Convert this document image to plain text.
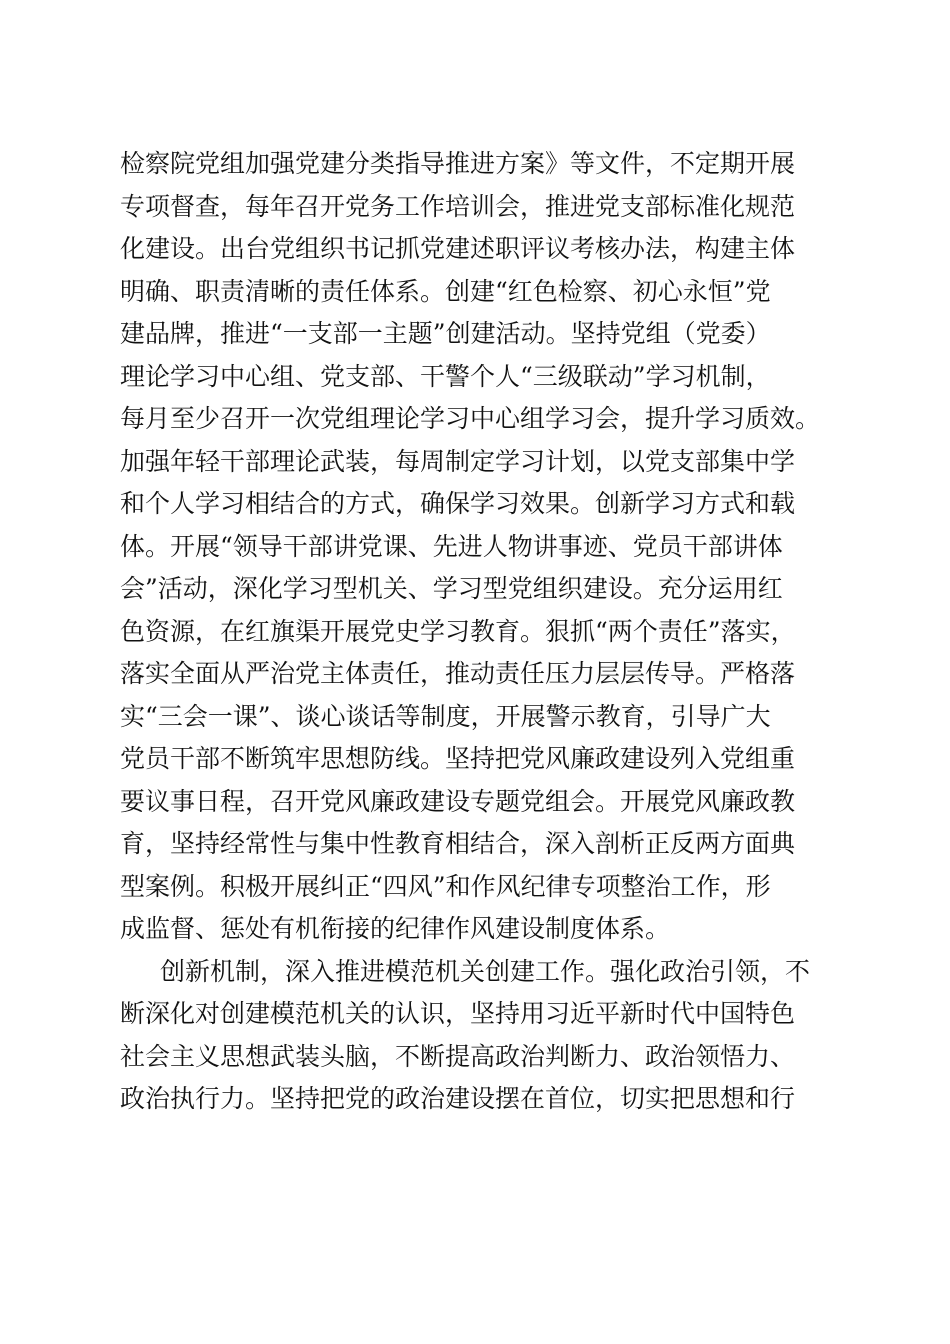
检察院党组加强党建分类指导推进方案》等文件，不定期开展
专项督查，每年召开党务工作培训会，推进党支部标准化规范
化建设。出台党组织书记抓党建述职评议考核办法，构建主体
明确、职责清晰的责任体系。创建“红色检察、初心永恒”党
建品牌，推进“一支部一主题”创建活动。坚持党组（党委）
理论学习中心组、党支部、干警个人“三级联动”学习机制，
每月至少召开一次党组理论学习中心组学习会，提升学习质效。
加强年轻干部理论武装，每周制定学习计划，以党支部集中学
和个人学习相结合的方式，确保学习效果。创新学习方式和载
体。开展“领导干部讲党课、先进人物讲事迹、党员干部讲体
会”活动，深化学习型机关、学习型党组织建设。充分运用红
色资源，在红旗渠开展党史学习教育。狠抓“两个责任”落实，
落实全面从严治党主体责任，推动责任压力层层传导。严格落
实“三会一课”、谈心谈话等制度，开展警示教育，引导广大
党员干部不断筑牢思想防线。坚持把党风廉政建设列入党组重
要议事日程，召开党风廉政建设专题党组会。开展党风廉政教
育，坚持经常性与集中性教育相结合，深入剖析正反两方面典
型案例。积极开展纠正“四风”和作风纪律专项整治工作，形
成监督、惩处有机衔接的纪律作风建设制度体系。
创新机制，深入推进模范机关创建工作。强化政治引领，不
断深化对创建模范机关的认识，坚持用习近平新时代中国特色
社会主义思想武装头脑，不断提高政治判断力、政治领悟力、
政治执行力。坚持把党的政治建设摆在首位，切实把思想和行
